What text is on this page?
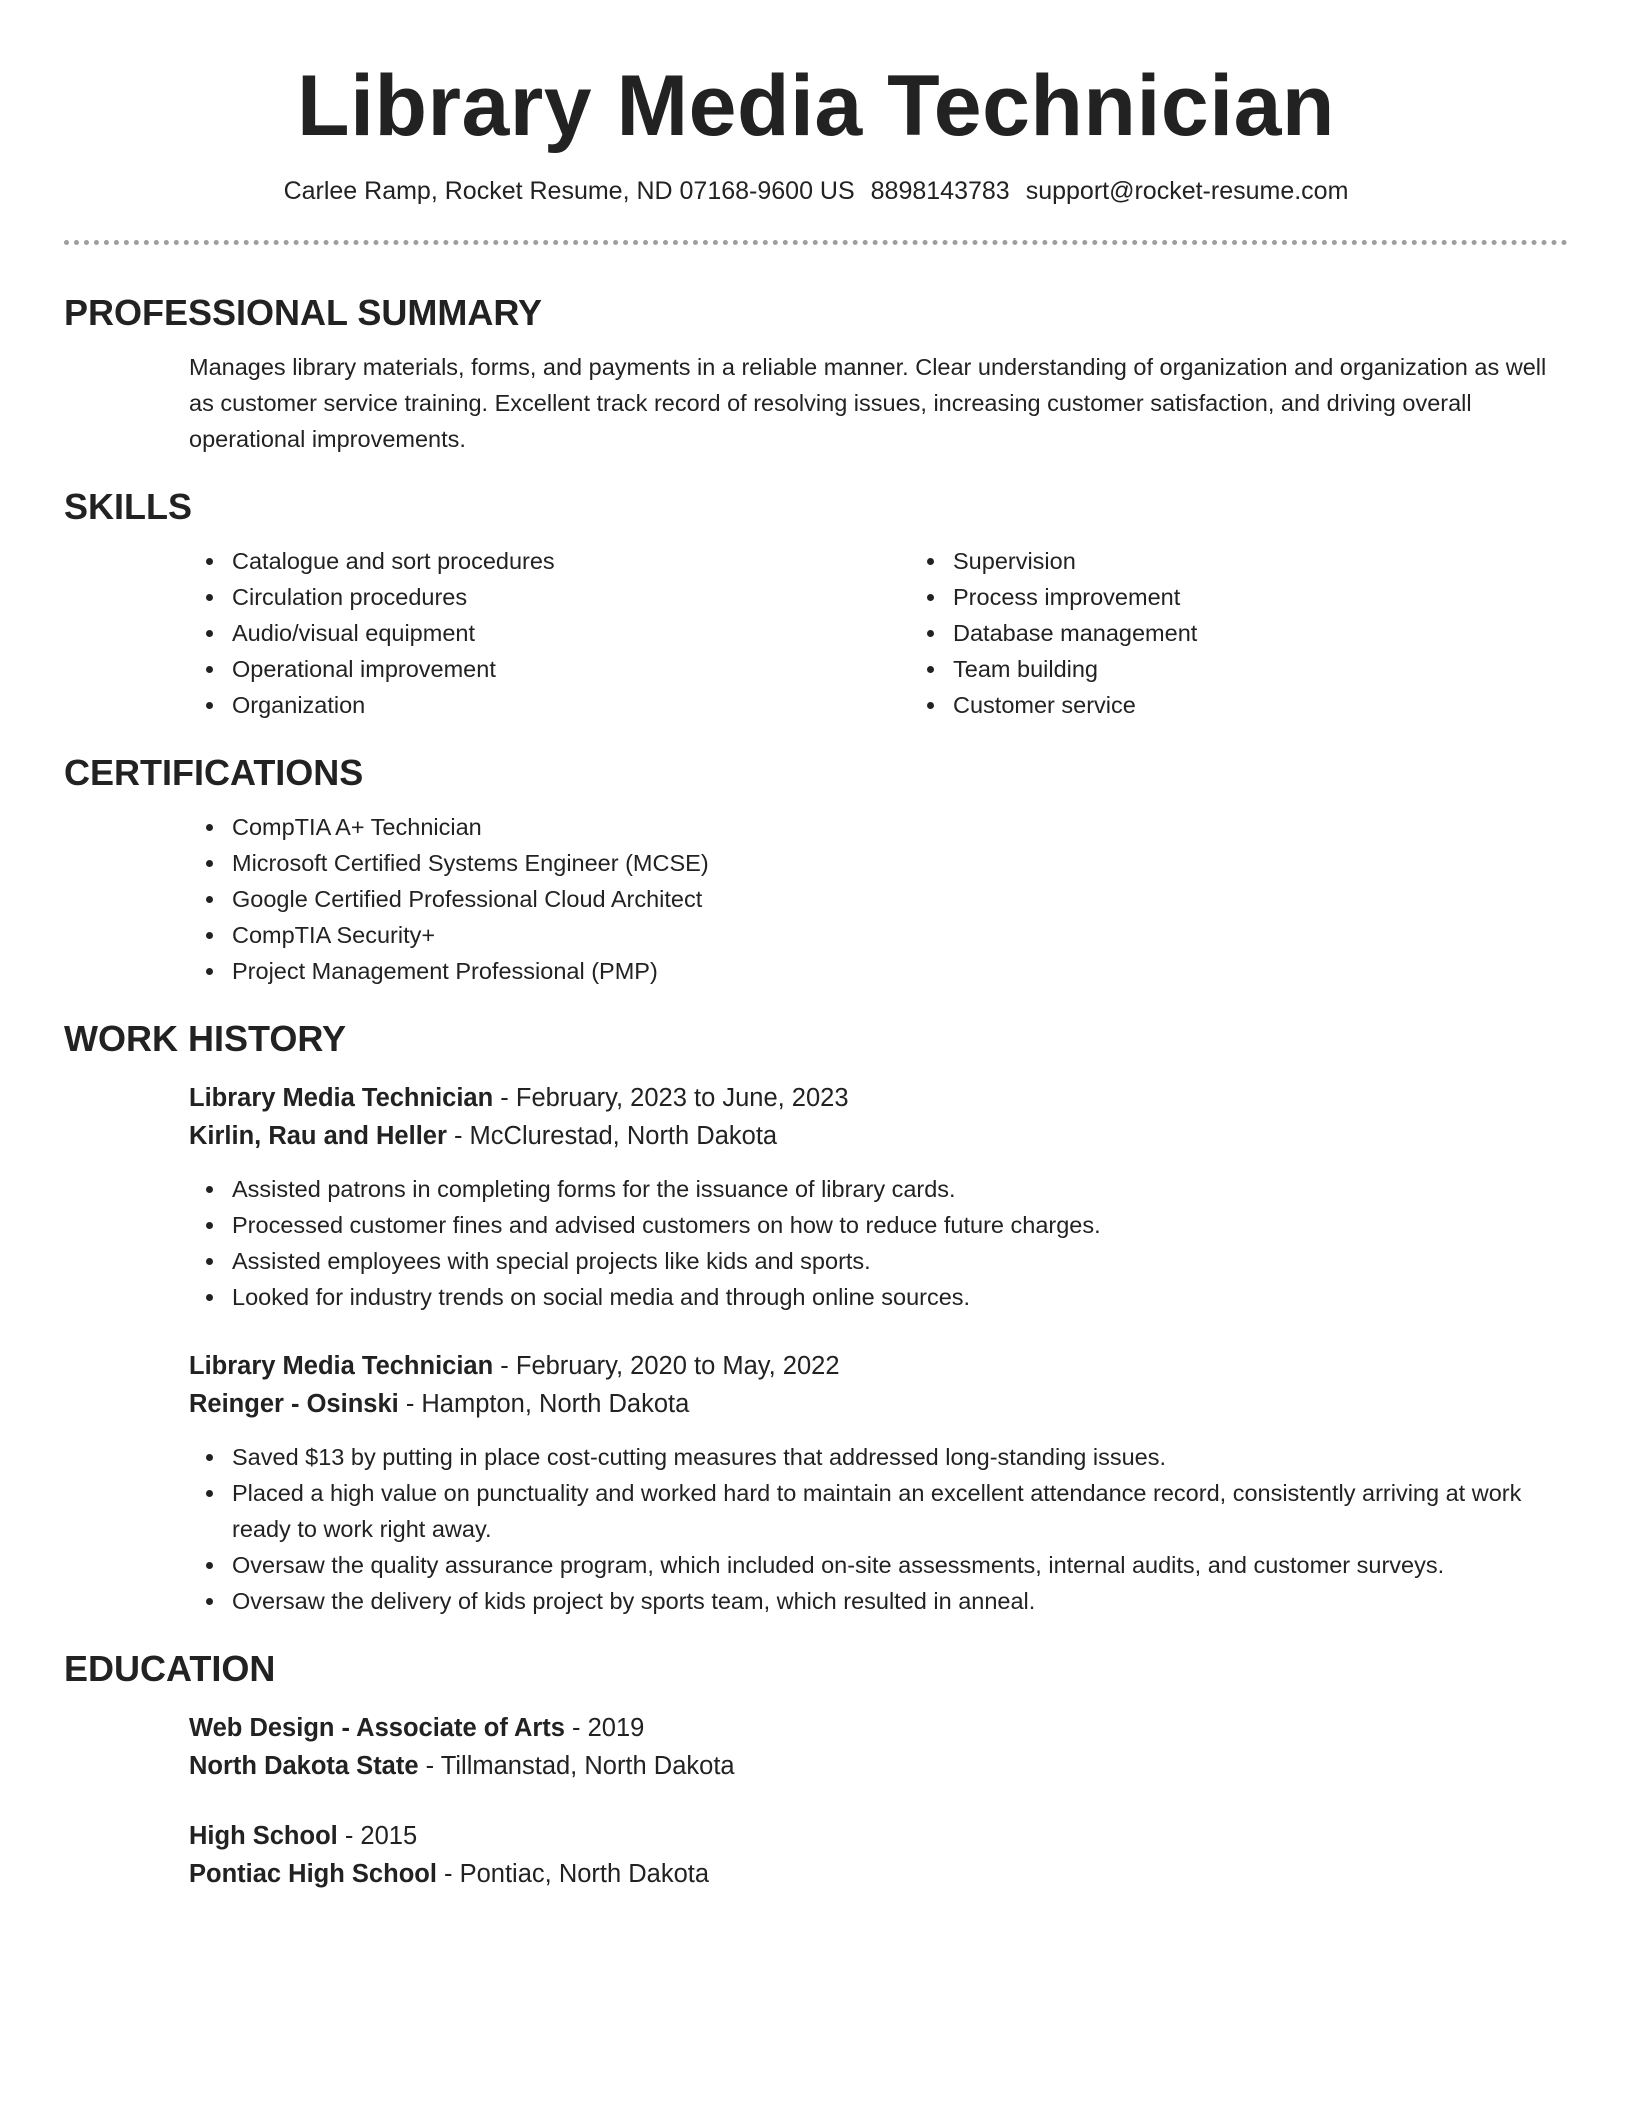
Library Media Technician
Carlee Ramp, Rocket Resume, ND 07168-9600 US 8898143783 support@rocket-resume.com
PROFESSIONAL SUMMARY

Manages library materials, forms, and payments in a reliable manner. Clear understanding of organization and organization as well as customer service training. Excellent track record of resolving issues, increasing customer satisfaction, and driving overall operational improvements.

SKILLS
Catalogue and sort procedures
Circulation procedures
Audio/visual equipment
Operational improvement
Organization
Supervision
Process improvement
Database management
Team building
Customer service
CERTIFICATIONS
CompTIA A+ Technician
Microsoft Certified Systems Engineer (MCSE)
Google Certified Professional Cloud Architect
CompTIA Security+
Project Management Professional (PMP)
WORK HISTORY
Library Media Technician - February, 2023 to June, 2023
Kirlin, Rau and Heller - McClurestad, North Dakota
Assisted patrons in completing forms for the issuance of library cards.
Processed customer fines and advised customers on how to reduce future charges.
Assisted employees with special projects like kids and sports.
Looked for industry trends on social media and through online sources.
Library Media Technician - February, 2020 to May, 2022
Reinger - Osinski - Hampton, North Dakota
Saved $13 by putting in place cost-cutting measures that addressed long-standing issues.
Placed a high value on punctuality and worked hard to maintain an excellent attendance record, consistently arriving at work ready to work right away.
Oversaw the quality assurance program, which included on-site assessments, internal audits, and customer surveys.
Oversaw the delivery of kids project by sports team, which resulted in anneal.
EDUCATION
Web Design - Associate of Arts - 2019
North Dakota State - Tillmanstad, North Dakota
High School - 2015
Pontiac High School - Pontiac, North Dakota
